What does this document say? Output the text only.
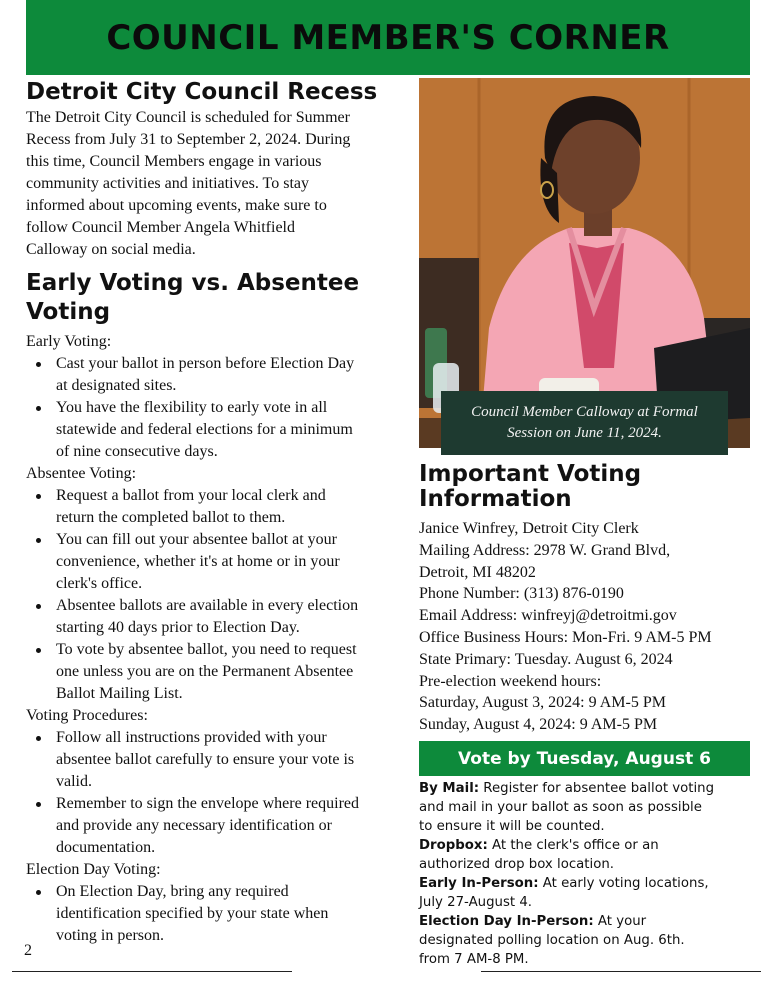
COUNCIL MEMBER'S CORNER
Detroit City Council Recess

The Detroit City Council is scheduled for Summer

Recess from July 31 to September 2, 2024. During

this time, Council Members engage in various

community activities and initiatives. To stay

informed about upcoming events, make sure to

follow Council Member Angela Whitfield

Calloway on social media.

Early Voting vs. Absentee
Voting

Early Voting:

Cast your ballot in person before Election Day
at designated sites.
You have the flexibility to early vote in all
statewide and federal elections for a minimum
of nine consecutive days.

Absentee Voting:

Request a ballot from your local clerk and
return the completed ballot to them.
You can fill out your absentee ballot at your
convenience, whether it's at home or in your
clerk's office.
Absentee ballots are available in every election
starting 40 days prior to Election Day.
To vote by absentee ballot, you need to request
one unless you are on the Permanent Absentee
Ballot Mailing List.

Voting Procedures:

Follow all instructions provided with your
absentee ballot carefully to ensure your vote is
valid.
Remember to sign the envelope where required
and provide any necessary identification or
documentation.

Election Day Voting:

On Election Day, bring any required
identification specified by your state when
voting in person.
Council Member Calloway at Formal
Session on June 11, 2024.
Important Voting
Information

Janice Winfrey, Detroit City Clerk

Mailing Address: 2978 W. Grand Blvd,

Detroit, MI 48202

Phone Number: (313) 876-0190

Email Address: winfreyj@detroitmi.gov

Office Business Hours: Mon-Fri. 9 AM-5 PM

State Primary: Tuesday. August 6, 2024

Pre-election weekend hours:

Saturday, August 3, 2024: 9 AM-5 PM

Sunday, August 4, 2024: 9 AM-5 PM

Vote by Tuesday, August 6

By Mail: Register for absentee ballot voting

and mail in your ballot as soon as possible

to ensure it will be counted.

Dropbox: At the clerk's office or an

authorized drop box location.

Early In-Person: At early voting locations,

July 27-August 4.

Election Day In-Person: At your

designated polling location on Aug. 6th.

from 7 AM-8 PM.

2
